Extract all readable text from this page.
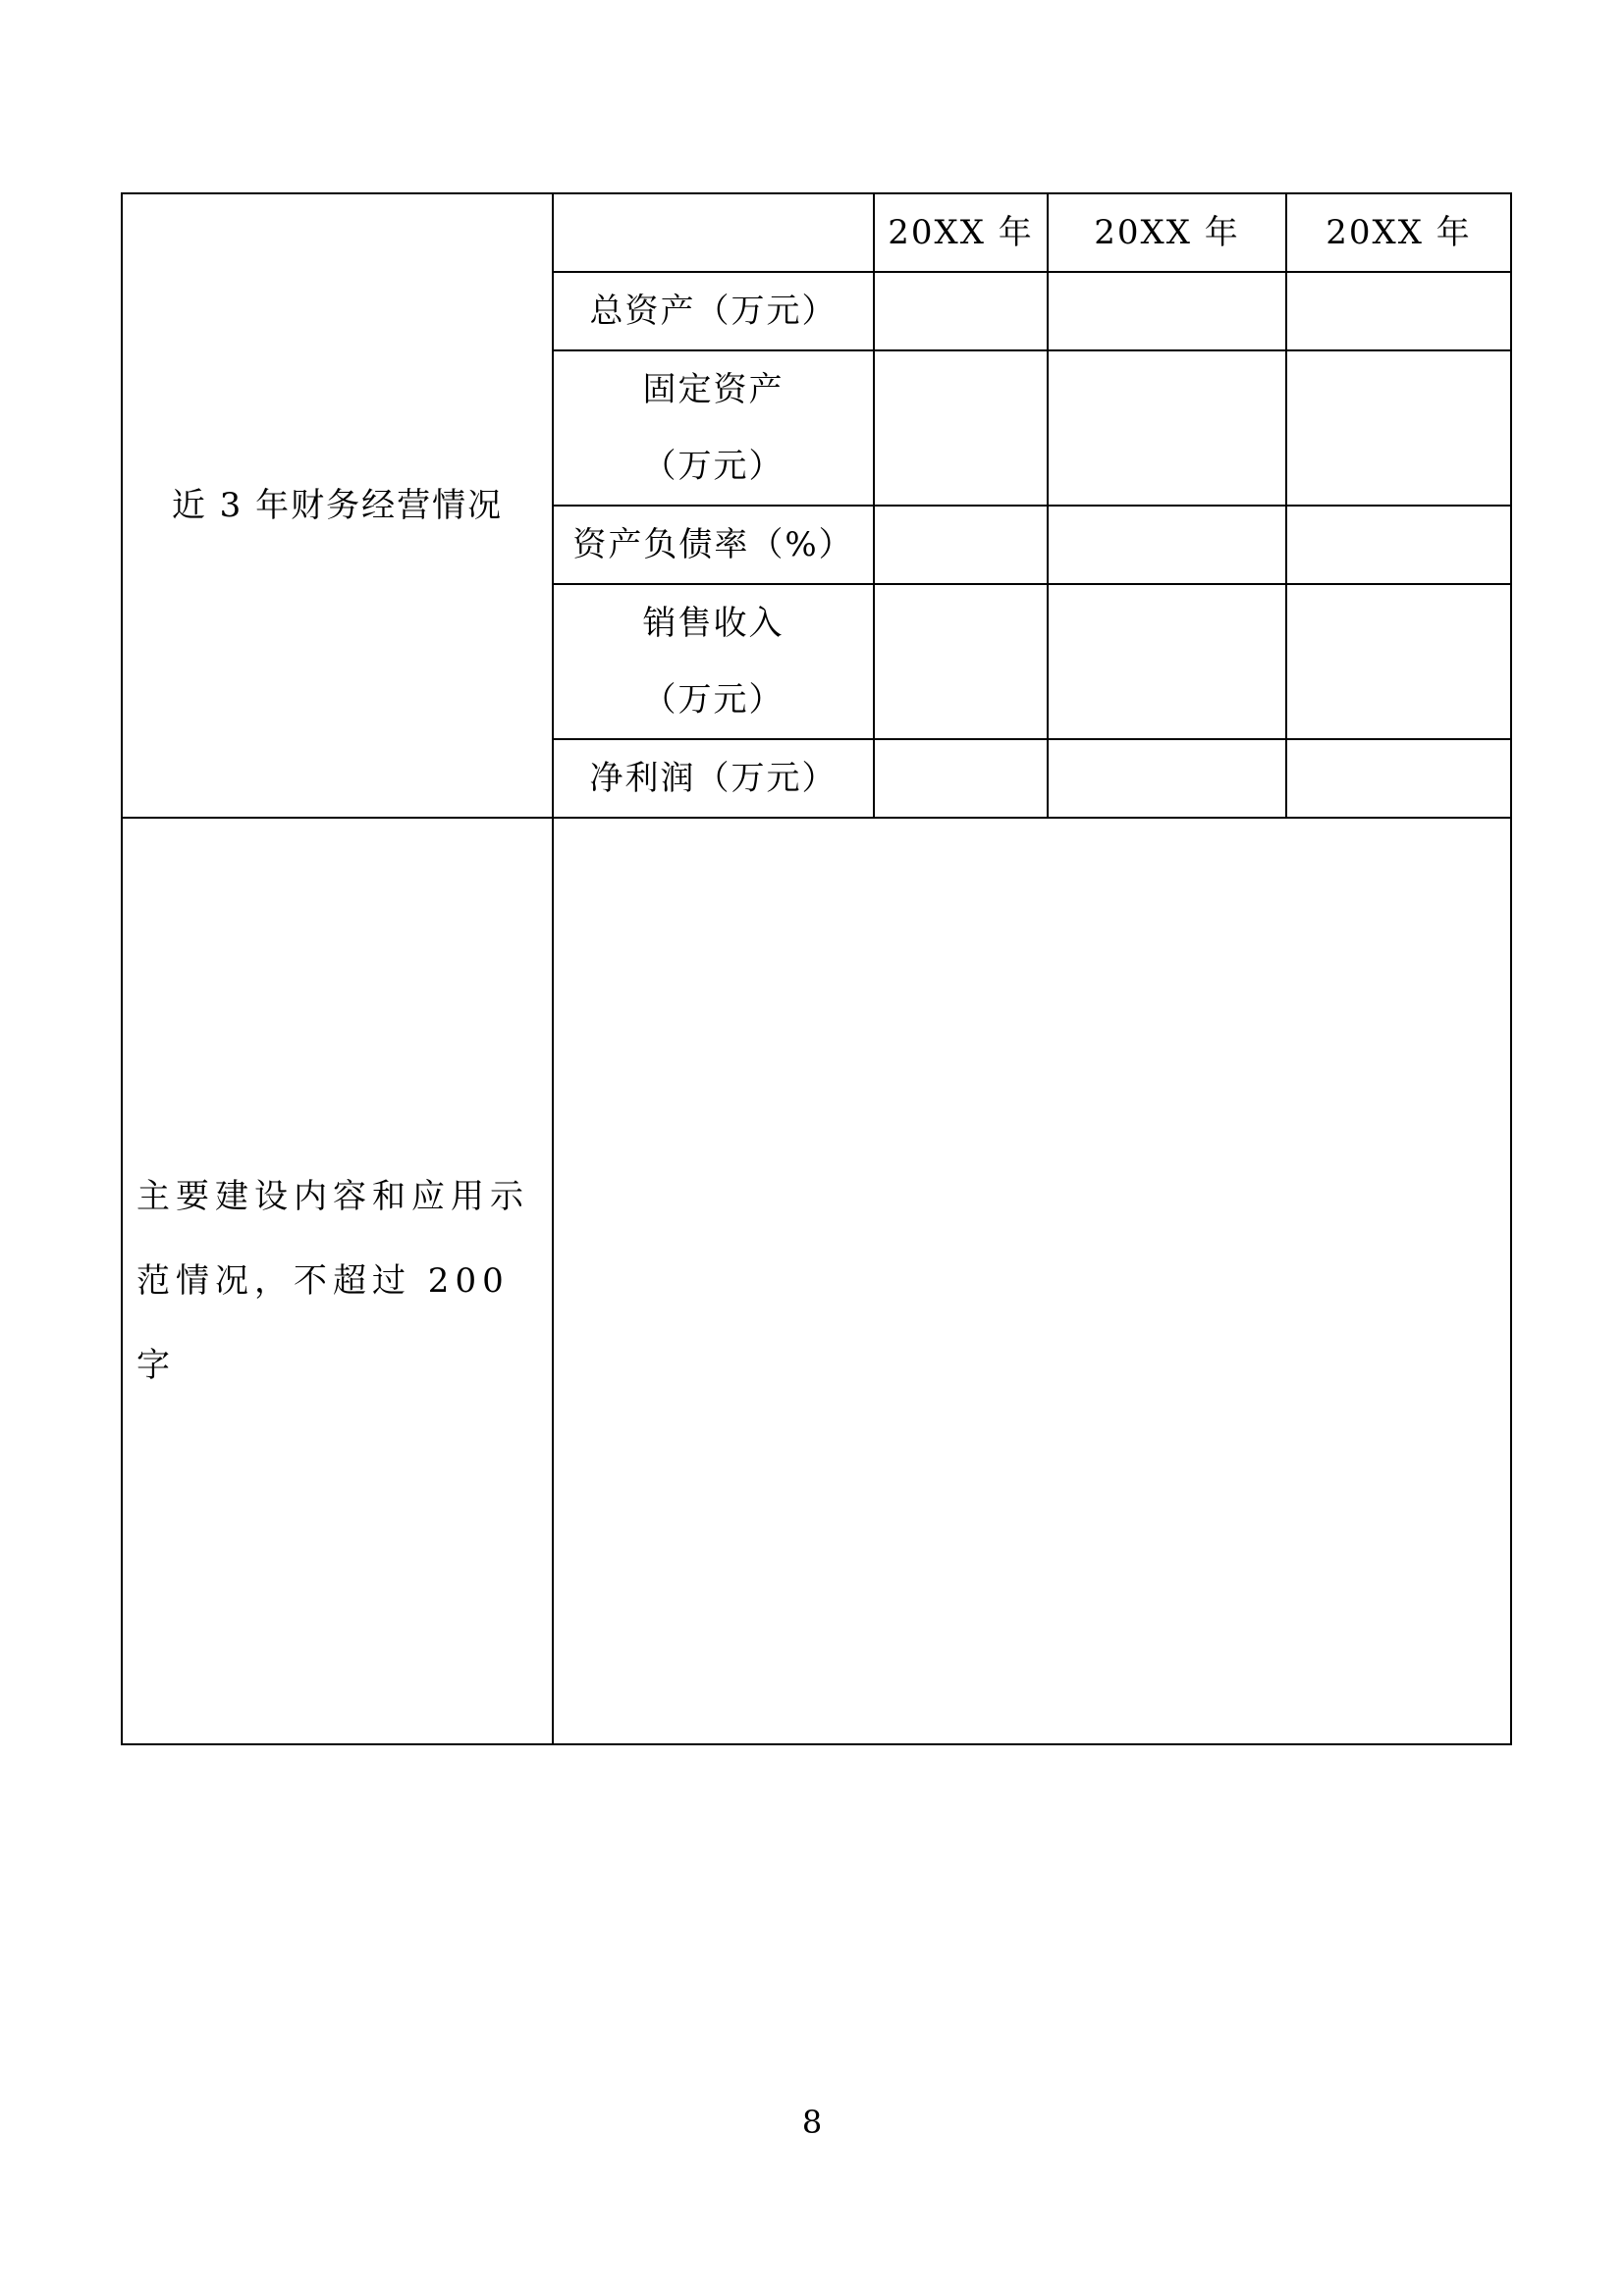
近 3 年财务经营情况		20XX 年	20XX 年	20XX 年
	总资产（万元）			

	固定资产
（万元）			

	资产负债率（%）			

	销售收入
（万元）			

	净利润（万元）			

主要建设内容和应用示
范情况，不超过 200 字				

8
